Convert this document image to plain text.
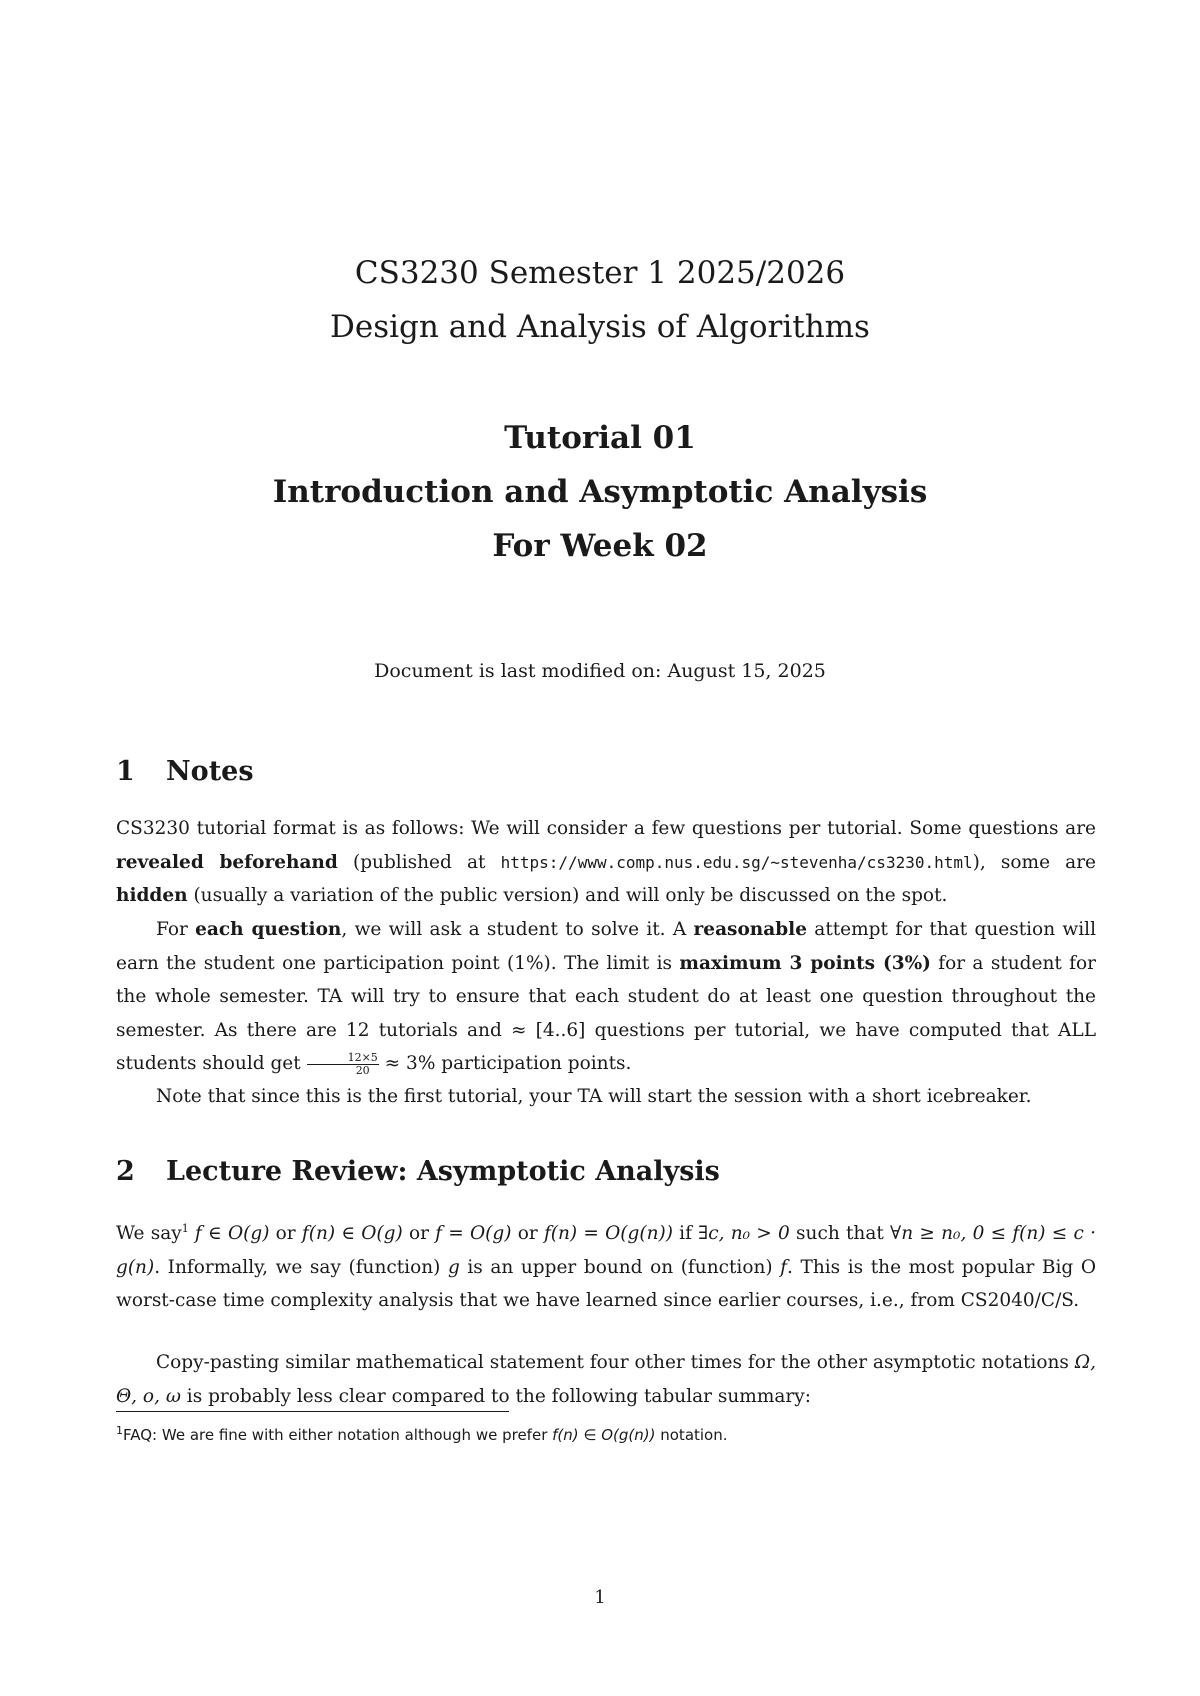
CS3230 Semester 1 2025/2026
Design and Analysis of Algorithms
Tutorial 01
Introduction and Asymptotic Analysis
For Week 02
Document is last modified on: August 15, 2025
1 Notes
CS3230 tutorial format is as follows: We will consider a few questions per tutorial. Some questions are revealed beforehand (published at https://www.comp.nus.edu.sg/~stevenha/cs3230.html), some are hidden (usually a variation of the public version) and will only be discussed on the spot.
For each question, we will ask a student to solve it. A reasonable attempt for that question will earn the student one participation point (1%). The limit is maximum 3 points (3%) for a student for the whole semester. TA will try to ensure that each student do at least one question throughout the semester. As there are 12 tutorials and ≈ [4..6] questions per tutorial, we have computed that ALL students should get $\frac{12\times 5}{20} \approx 3\%$ participation points.
Note that since this is the first tutorial, your TA will start the session with a short icebreaker.
2 Lecture Review: Asymptotic Analysis
We say$^1$ f ∈ O(g) or f(n) ∈ O(g) or f = O(g) or f(n) = O(g(n)) if ∃c, n₀ > 0 such that ∀n ≥ n₀, 0 ≤ f(n) ≤ c · g(n). Informally, we say (function) g is an upper bound on (function) f. This is the most popular Big O worst-case time complexity analysis that we have learned since earlier courses, i.e., from CS2040/C/S.
Copy-pasting similar mathematical statement four other times for the other asymptotic notations Ω, Θ, o, ω is probably less clear compared to the following tabular summary:
$^1$FAQ: We are fine with either notation although we prefer f(n) ∈ O(g(n)) notation.
1
